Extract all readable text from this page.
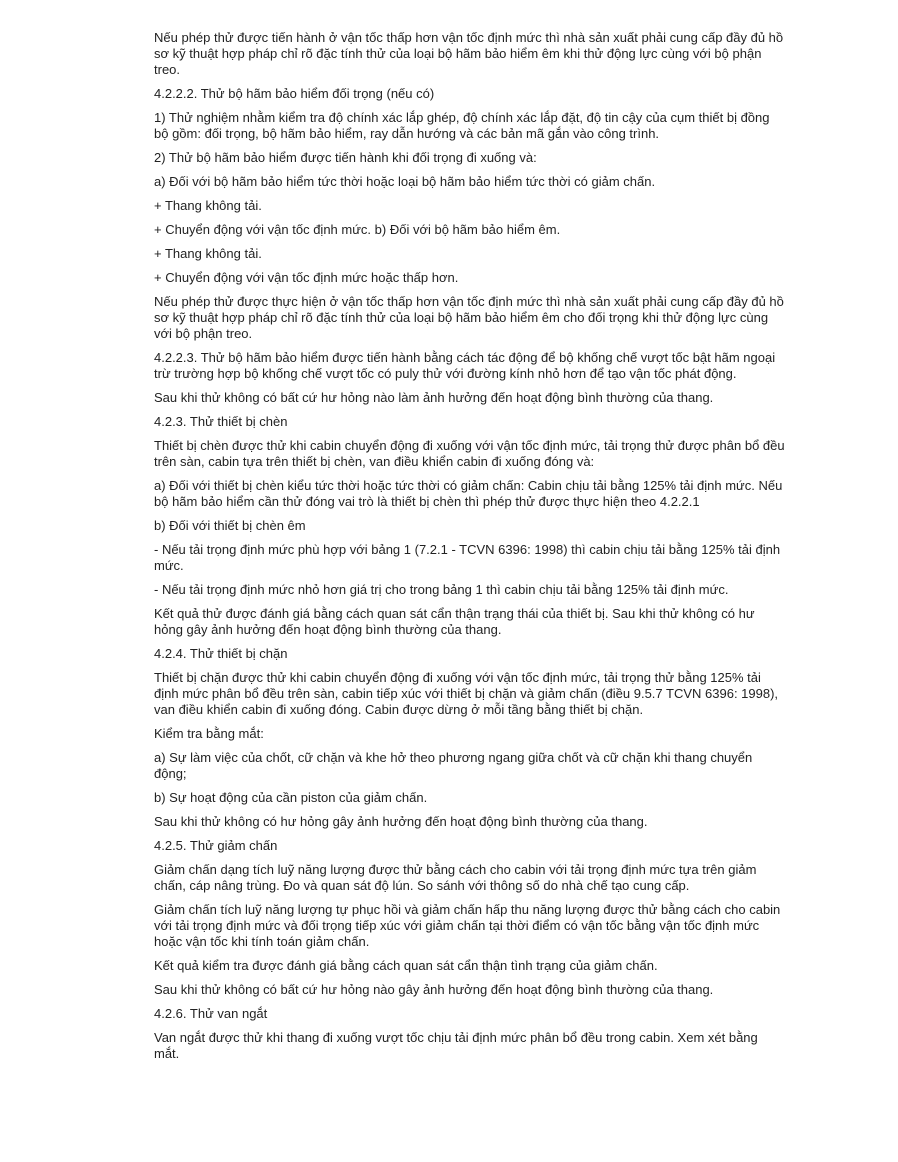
Nếu phép thử được tiến hành ở vận tốc thấp hơn vận tốc định mức thì nhà sản xuất phải cung cấp đầy đủ hồ sơ kỹ thuật hợp pháp chỉ rõ đặc tính thử của loại bộ hãm bảo hiểm êm khi thử động lực cùng với bộ phận treo.

4.2.2.2. Thử bộ hãm bảo hiểm đối trọng (nếu có)

1) Thử nghiệm nhằm kiểm tra độ chính xác lắp ghép, độ chính xác lắp đặt, độ tin cậy của cụm thiết bị đồng bộ gồm: đối trọng, bộ hãm bảo hiểm, ray dẫn hướng và các bản mã gắn vào công trình.

2) Thử bộ hãm bảo hiểm được tiến hành khi đối trọng đi xuống và:

a) Đối với bộ hãm bảo hiểm tức thời hoặc loại bộ hãm bảo hiểm tức thời có giảm chấn.

+ Thang không tải.

+ Chuyển động với vận tốc định mức. b) Đối với bộ hãm bảo hiểm êm.

+ Thang không tải.

+ Chuyển động với vận tốc định mức hoặc thấp hơn.

Nếu phép thử được thực hiện ở vận tốc thấp hơn vận tốc định mức thì nhà sản xuất phải cung cấp đầy đủ hồ sơ kỹ thuật hợp pháp chỉ rõ đặc tính thử của loại bộ hãm bảo hiểm êm cho đối trọng khi thử động lực cùng với bộ phận treo.

4.2.2.3. Thử bộ hãm bảo hiểm được tiến hành bằng cách tác động để bộ khống chế vượt tốc bật hãm ngoại trừ trường hợp bộ khống chế vượt tốc có puly thử với đường kính nhỏ hơn để tạo vận tốc phát động.

Sau khi thử không có bất cứ hư hỏng nào làm ảnh hưởng đến hoạt động bình thường của thang.

4.2.3. Thử thiết bị chèn

Thiết bị chèn được thử khi cabin chuyển động đi xuống với vận tốc định mức, tải trọng thử được phân bổ đều trên sàn, cabin tựa trên thiết bị chèn, van điều khiển cabin đi xuống đóng và:

a) Đối với thiết bị chèn kiểu tức thời hoặc tức thời có giảm chấn: Cabin chịu tải bằng 125% tải định mức. Nếu bộ hãm bảo hiểm cần thử đóng vai trò là thiết bị chèn thì phép thử được thực hiện theo 4.2.2.1

b) Đối với thiết bị chèn êm

- Nếu tải trọng định mức phù hợp với bảng 1 (7.2.1 - TCVN 6396: 1998) thì cabin chịu tải bằng 125% tải định mức.

- Nếu tải trọng định mức nhỏ hơn giá trị cho trong bảng 1 thì cabin chịu tải bằng 125% tải định mức.

Kết quả thử được đánh giá bằng cách quan sát cẩn thận trạng thái của thiết bị. Sau khi thử không có hư hỏng gây ảnh hưởng đến hoạt động bình thường của thang.

4.2.4. Thử thiết bị chặn

Thiết bị chặn được thử khi cabin chuyển động đi xuống với vận tốc định mức, tải trọng thử bằng 125% tải định mức phân bổ đều trên sàn, cabin tiếp xúc với thiết bị chặn và giảm chấn (điều 9.5.7 TCVN 6396: 1998), van điều khiển cabin đi xuống đóng. Cabin được dừng ở mỗi tầng bằng thiết bị chặn.

Kiểm tra bằng mắt:

a) Sự làm việc của chốt, cữ chặn và khe hở theo phương ngang giữa chốt và cữ chặn khi thang chuyển động;

b) Sự hoạt động của cần piston của giảm chấn.

Sau khi thử không có hư hỏng gây ảnh hưởng đến hoạt động bình thường của thang.

4.2.5. Thử giảm chấn

Giảm chấn dạng tích luỹ năng lượng được thử bằng cách cho cabin với tải trọng định mức tựa trên giảm chấn, cáp nâng trùng. Đo và quan sát độ lún. So sánh với thông số do nhà chế tạo cung cấp.

Giảm chấn tích luỹ năng lượng tự phục hồi và giảm chấn hấp thu năng lượng được thử bằng cách cho cabin với tải trọng định mức và đối trọng tiếp xúc với giảm chấn tại thời điểm có vận tốc bằng vận tốc định mức hoặc vận tốc khi tính toán giảm chấn.

Kết quả kiểm tra được đánh giá bằng cách quan sát cẩn thận tình trạng của giảm chấn.

Sau khi thử không có bất cứ hư hỏng nào gây ảnh hưởng đến hoạt động bình thường của thang.

4.2.6. Thử van ngắt

Van ngắt được thử khi thang đi xuống vượt tốc chịu tải định mức phân bổ đều trong cabin. Xem xét bằng mắt.
